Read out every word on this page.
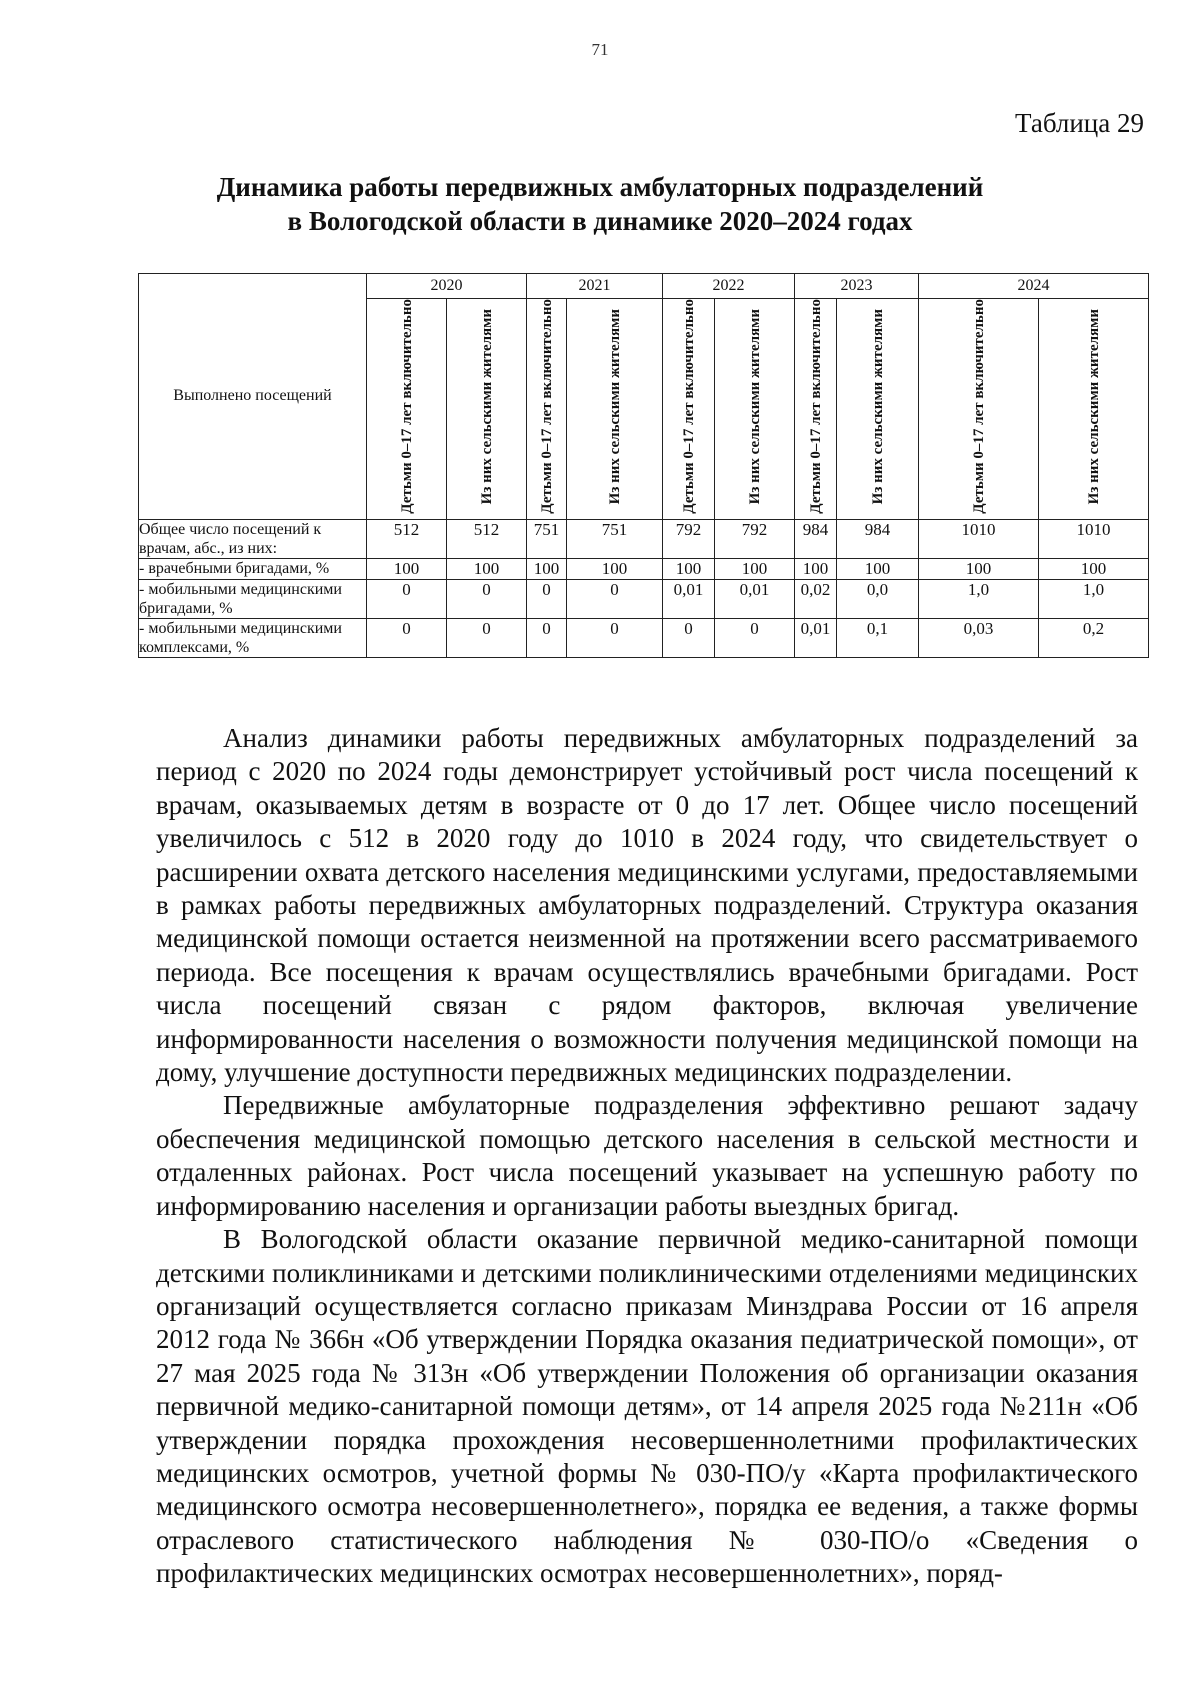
71
Таблица 29
Динамика работы передвижных амбулаторных подразделений
в Вологодской области в динамике 2020–2024 годах
Выполнено посещений	2020		2021		2022		2023		2024	
	Детьми 0–17 лет включительно	Из них сельскими жителями	Детьми 0–17 лет включительно	Из них сельскими жителями	Детьми 0–17 лет включительно	Из них сельскими жителями	Детьми 0–17 лет включительно	Из них сельскими жителями	Детьми 0–17 лет включительно	Из них сельскими жителями
Общее число посещений к врачам, абс., из них:	512	512	751	751	792	792	984	984	1010	1010
- врачебными бригадами, %	100	100	100	100	100	100	100	100	100	100
- мобильными медицинскими бригадами, %	0	0	0	0	0,01	0,01	0,02	0,0	1,0	1,0
- мобильными медицинскими комплексами, %	0	0	0	0	0	0	0,01	0,1	0,03	0,2

Анализ динамики работы передвижных амбулаторных подразделений за период с 2020 по 2024 годы демонстрирует устойчивый рост числа посещений к врачам, оказываемых детям в возрасте от 0 до 17 лет. Общее число посещений увеличилось с 512 в 2020 году до 1010 в 2024 году, что свидетельствует о расширении охвата детского населения медицинскими услугами, предоставляемыми в рамках работы передвижных амбулаторных подразделений. Структура оказания медицинской помощи остается неизменной на протяжении всего рассматриваемого периода. Все посещения к врачам осуществлялись врачебными бригадами. Рост числа посещений связан с рядом факторов, включая увеличение информированности населения о возможности получения медицинской помощи на дому, улучшение доступности передвижных медицинских подразделении.

Передвижные амбулаторные подразделения эффективно решают задачу обеспечения медицинской помощью детского населения в сельской местности и отдаленных районах. Рост числа посещений указывает на успешную работу по информированию населения и организации работы выездных бригад.

В Вологодской области оказание первичной медико-санитарной помощи детскими поликлиниками и детскими поликлиническими отделениями медицинских организаций осуществляется согласно приказам Минздрава России от 16 апреля 2012 года № 366н «Об утверждении Порядка оказания педиатрической помощи», от 27 мая 2025 года № 313н «Об утверждении Положения об организации оказания первичной медико-санитарной помощи детям», от 14 апреля 2025 года №211н «Об утверждении порядка прохождения несовершеннолетними профилактических медицинских осмотров, учетной формы № 030-ПО/у «Карта профилактического медицинского осмотра несовершеннолетнего», порядка ее ведения, а также формы отраслевого статистического наблюдения № 030-ПО/о «Сведения о профилактических медицинских осмотрах несовершеннолетних», поряд-
